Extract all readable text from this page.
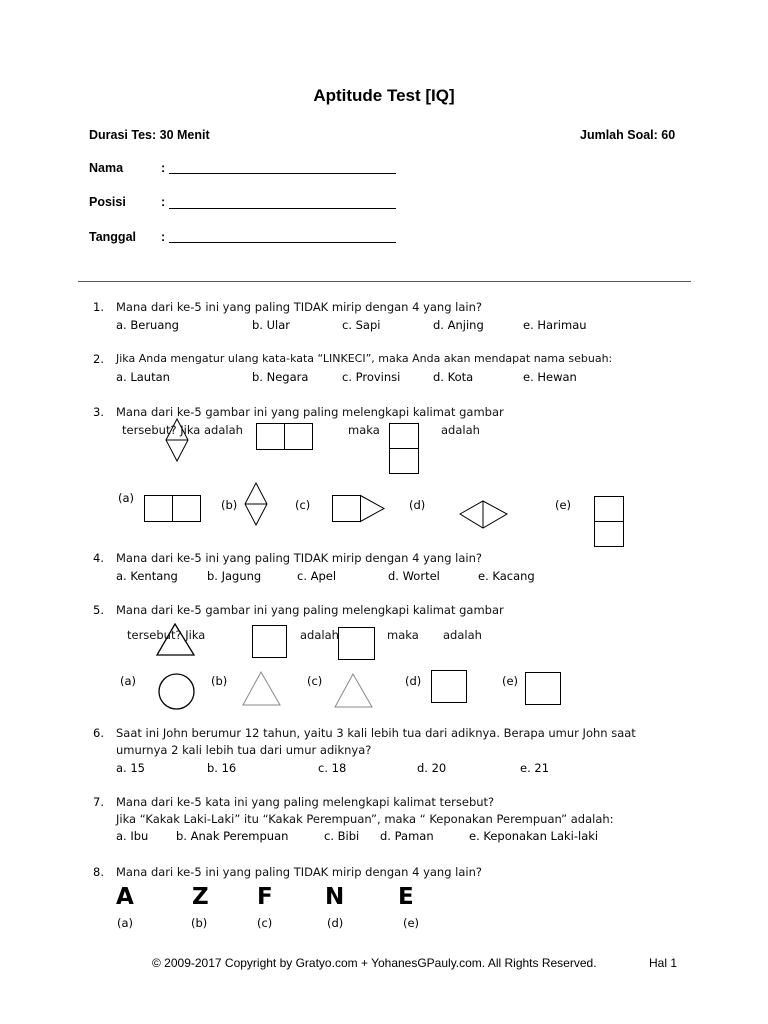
Aptitude Test [IQ]
Durasi Tes: 30 Menit	Jumlah Soal: 60
Nama	:
Posisi	:
Tanggal :
1. Mana dari ke-5 ini yang paling TIDAK mirip dengan 4 yang lain?
a. Beruang	b. Ular	c. Sapi	d. Anjing	e. Harimau
2. Jika Anda mengatur ulang kata-kata “LINKECI”, maka Anda akan mendapat nama sebuah:
a. Lautan	b. Negara	c. Provinsi	d. Kota	e. Hewan
3. Mana dari ke-5 gambar ini yang paling melengkapi kalimat gambar
tersebut? Jika adalah	maka	adalah
(a)	(b)	(c)	(d)	(e)
4. Mana dari ke-5 ini yang paling TIDAK mirip dengan 4 yang lain?
a. Kentang	b. Jagung	c. Apel	d. Wortel	e. Kacang
5. Mana dari ke-5 gambar ini yang paling melengkapi kalimat gambar
tersebut? Jika	adalah	maka adalah
(a)	(b)	(c)	(d)	(e)
6. Saat ini John berumur 12 tahun, yaitu 3 kali lebih tua dari adiknya. Berapa umur John saat
umurnya 2 kali lebih tua dari umur adiknya?
a. 15	b. 16	c. 18	d. 20	e. 21
7. Mana dari ke-5 kata ini yang paling melengkapi kalimat tersebut?
Jika “Kakak Laki-Laki” itu “Kakak Perempuan”, maka “ Keponakan Perempuan” adalah:
a. Ibu b. Anak Perempuan	c. Bibi d. Paman	e. Keponakan Laki-laki
8. Mana dari ke-5 ini yang paling TIDAK mirip dengan 4 yang lain?
A	Z F N E
(a)	(b)	(c)	(d)	(e)
© 2009-2017 Copyright by Gratyo.com + YohanesGPauly.com. All Rights Reserved.	Hal 1
